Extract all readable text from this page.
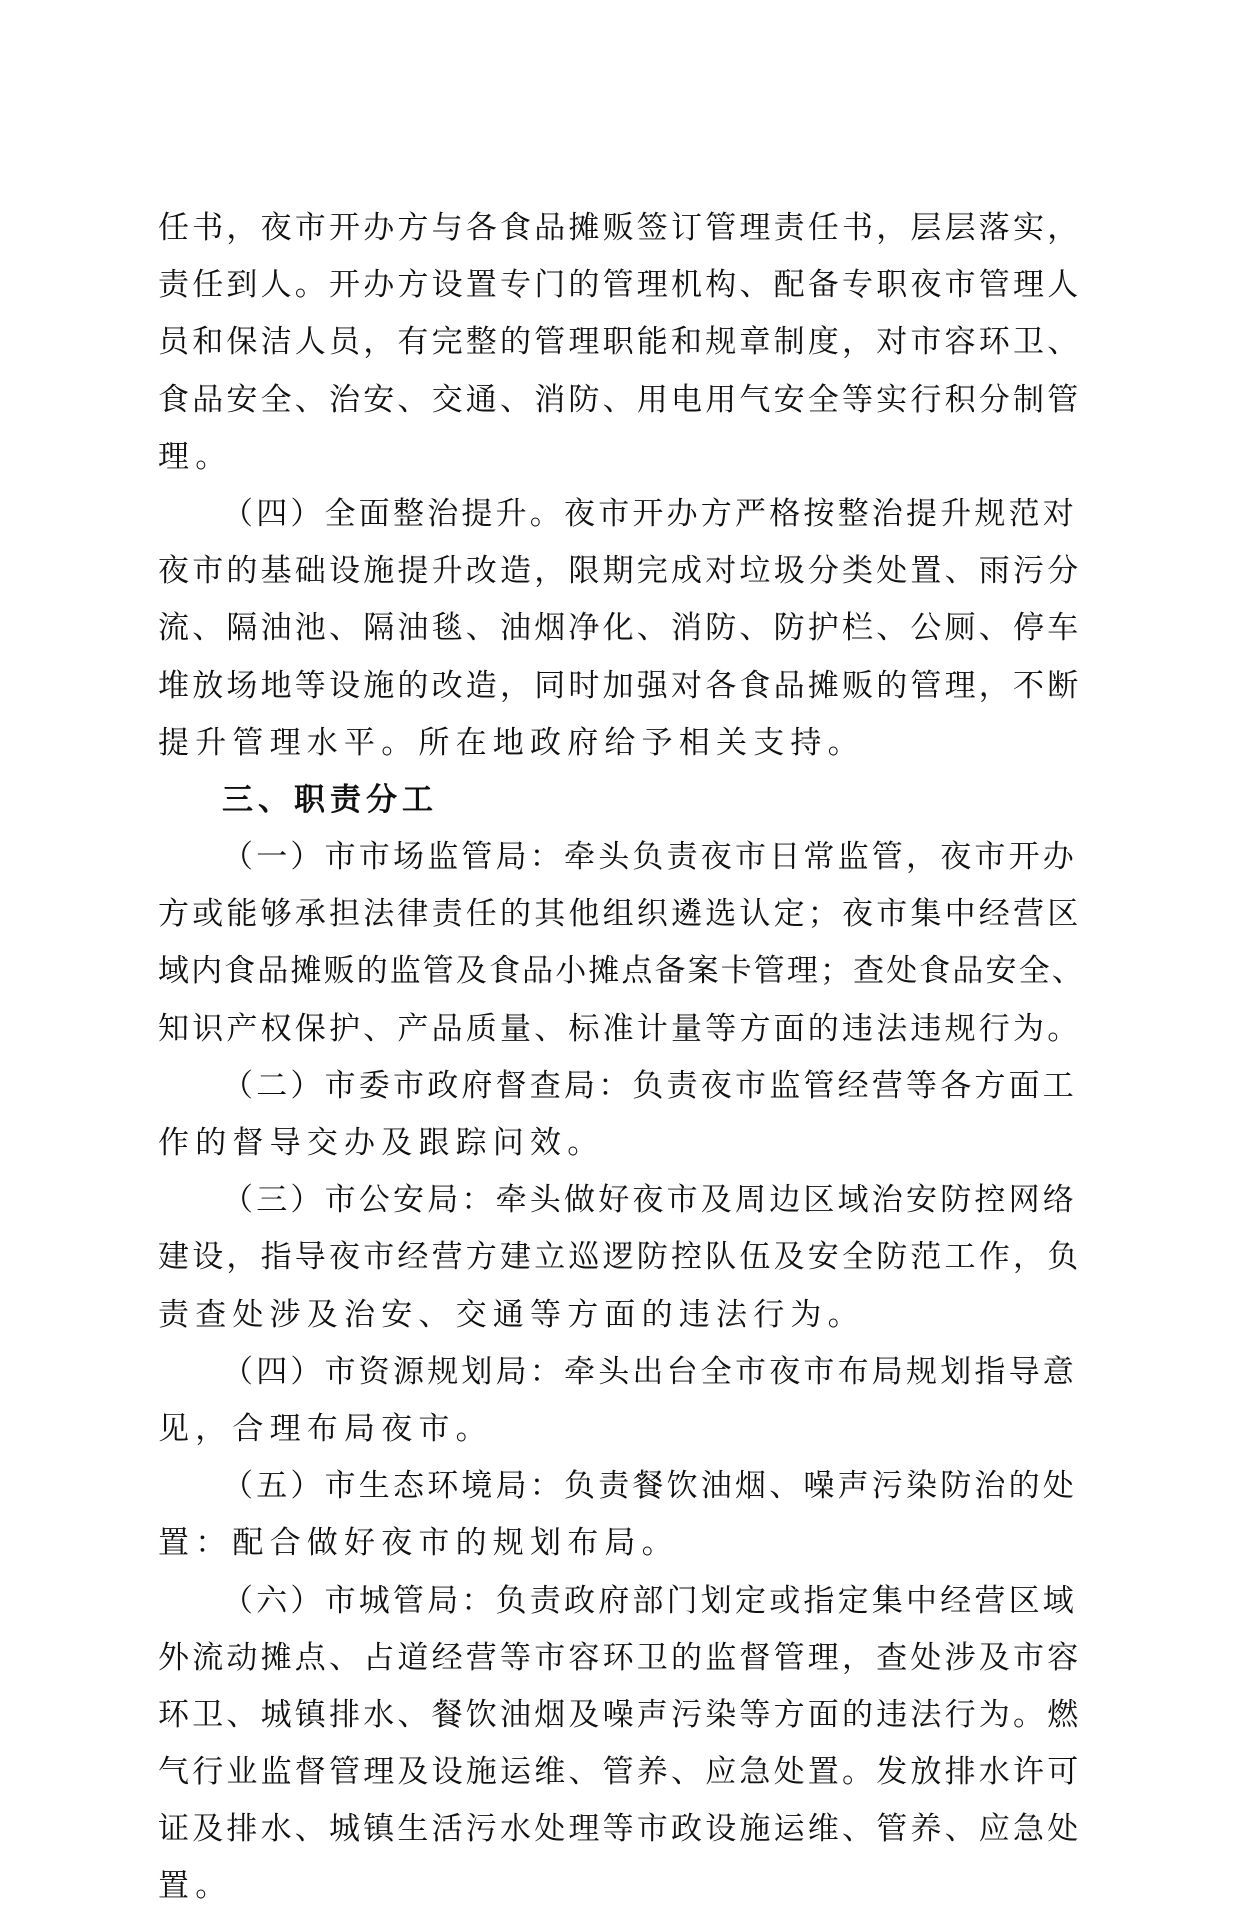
任书，夜市开办方与各食品摊贩签订管理责任书，层层落实，
责任到人。开办方设置专门的管理机构、配备专职夜市管理人
员和保洁人员，有完整的管理职能和规章制度，对市容环卫、
食品安全、治安、交通、消防、用电用气安全等实行积分制管
理。
（四）全面整治提升。夜市开办方严格按整治提升规范对
夜市的基础设施提升改造，限期完成对垃圾分类处置、雨污分
流、隔油池、隔油毯、油烟净化、消防、防护栏、公厕、停车
堆放场地等设施的改造，同时加强对各食品摊贩的管理，不断
提升管理水平。所在地政府给予相关支持。
三、职责分工
（一）市市场监管局：牵头负责夜市日常监管，夜市开办
方或能够承担法律责任的其他组织遴选认定；夜市集中经营区
域内食品摊贩的监管及食品小摊点备案卡管理；查处食品安全、
知识产权保护、产品质量、标准计量等方面的违法违规行为。
（二）市委市政府督查局：负责夜市监管经营等各方面工
作的督导交办及跟踪问效。
（三）市公安局：牵头做好夜市及周边区域治安防控网络
建设，指导夜市经营方建立巡逻防控队伍及安全防范工作，负
责查处涉及治安、交通等方面的违法行为。
（四）市资源规划局：牵头出台全市夜市布局规划指导意
见，合理布局夜市。
（五）市生态环境局：负责餐饮油烟、噪声污染防治的处
置：配合做好夜市的规划布局。
（六）市城管局：负责政府部门划定或指定集中经营区域
外流动摊点、占道经营等市容环卫的监督管理，查处涉及市容
环卫、城镇排水、餐饮油烟及噪声污染等方面的违法行为。燃
气行业监督管理及设施运维、管养、应急处置。发放排水许可
证及排水、城镇生活污水处理等市政设施运维、管养、应急处
置。
